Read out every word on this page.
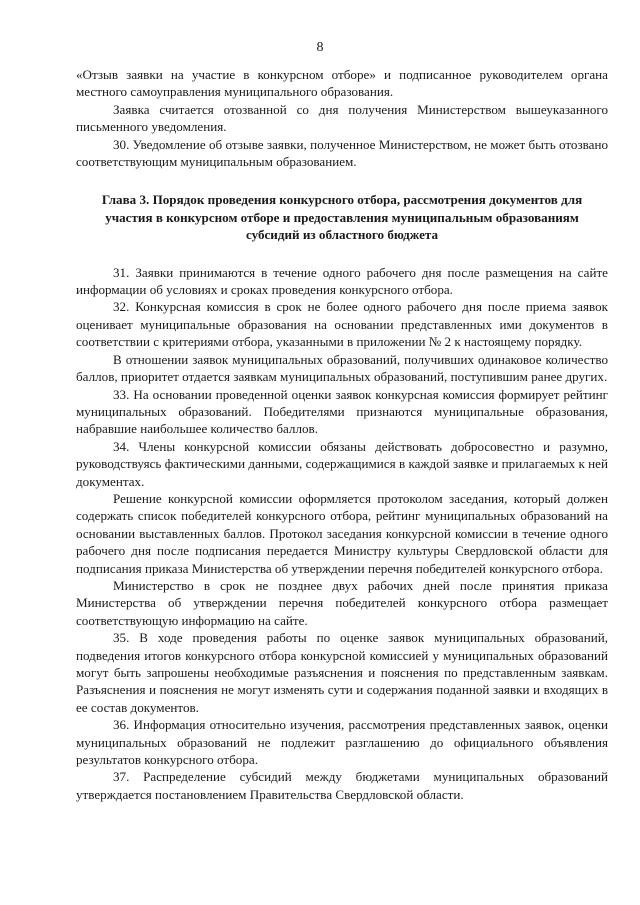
8

«Отзыв заявки на участие в конкурсном отборе» и подписанное руководителем органа местного самоуправления муниципального образования.

Заявка считается отозванной со дня получения Министерством вышеуказанного письменного уведомления.

30. Уведомление об отзыве заявки, полученное Министерством, не может быть отозвано соответствующим муниципальным образованием.

Глава 3. Порядок проведения конкурсного отбора, рассмотрения документов для участия в конкурсном отборе и предоставления муниципальным образованиям субсидий из областного бюджета

31. Заявки принимаются в течение одного рабочего дня после размещения на сайте информации об условиях и сроках проведения конкурсного отбора.

32. Конкурсная комиссия в срок не более одного рабочего дня после приема заявок оценивает муниципальные образования на основании представленных ими документов в соответствии с критериями отбора, указанными в приложении № 2 к настоящему порядку.

В отношении заявок муниципальных образований, получивших одинаковое количество баллов, приоритет отдается заявкам муниципальных образований, поступившим ранее других.

33. На основании проведенной оценки заявок конкурсная комиссия формирует рейтинг муниципальных образований. Победителями признаются муниципальные образования, набравшие наибольшее количество баллов.

34. Члены конкурсной комиссии обязаны действовать добросовестно и разумно, руководствуясь фактическими данными, содержащимися в каждой заявке и прилагаемых к ней документах.

Решение конкурсной комиссии оформляется протоколом заседания, который должен содержать список победителей конкурсного отбора, рейтинг муниципальных образований на основании выставленных баллов. Протокол заседания конкурсной комиссии в течение одного рабочего дня после подписания передается Министру культуры Свердловской области для подписания приказа Министерства об утверждении перечня победителей конкурсного отбора.

Министерство в срок не позднее двух рабочих дней после принятия приказа Министерства об утверждении перечня победителей конкурсного отбора размещает соответствующую информацию на сайте.

35. В ходе проведения работы по оценке заявок муниципальных образований, подведения итогов конкурсного отбора конкурсной комиссией у муниципальных образований могут быть запрошены необходимые разъяснения и пояснения по представленным заявкам. Разъяснения и пояснения не могут изменять сути и содержания поданной заявки и входящих в ее состав документов.

36. Информация относительно изучения, рассмотрения представленных заявок, оценки муниципальных образований не подлежит разглашению до официального объявления результатов конкурсного отбора.

37. Распределение субсидий между бюджетами муниципальных образований утверждается постановлением Правительства Свердловской области.
